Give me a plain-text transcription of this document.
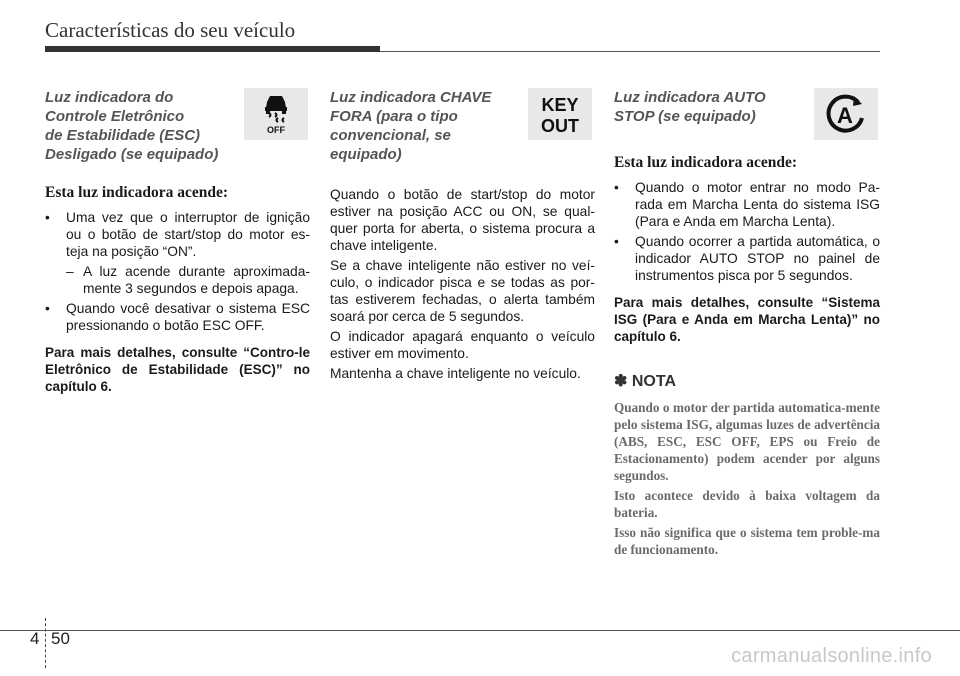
Características do seu veículo
Luz indicadora do
Controle Eletrônico
de Estabilidade (ESC)
Desligado (se equipado)
OFF
Esta luz indicadora acende:
• Uma vez que o interruptor de ignição ou o botão de start/stop do motor es-teja na posição “ON”.
– A luz acende durante aproximada-mente 3 segundos e depois apaga.
• Quando você desativar o sistema ESC pressionando o botão ESC OFF.
Para mais detalhes, consulte “Contro-le Eletrônico de Estabilidade (ESC)” no capítulo 6.
Luz indicadora CHAVE
FORA (para o tipo
convencional, se
equipado)
KEY
OUT

Quando o botão de start/stop do motor estiver na posição ACC ou ON, se qual-quer porta for aberta, o sistema procura a chave inteligente.

Se a chave inteligente não estiver no veí-culo, o indicador pisca e se todas as por-tas estiverem fechadas, o alerta também soará por cerca de 5 segundos.

O indicador apagará enquanto o veículo estiver em movimento.

Mantenha a chave inteligente no veículo.

Luz indicadora AUTO
STOP (se equipado)	A
Esta luz indicadora acende:
• Quando o motor entrar no modo Pa-rada em Marcha Lenta do sistema ISG (Para e Anda em Marcha Lenta).
• Quando ocorrer a partida automática, o indicador AUTO STOP no painel de instrumentos pisca por 5 segundos.
Para mais detalhes, consulte “Sistema ISG (Para e Anda em Marcha Lenta)” no capítulo 6.
✽ NOTA

Quando o motor der partida automatica-mente pelo sistema ISG, algumas luzes de advertência (ABS, ESC, ESC OFF, EPS ou Freio de Estacionamento) podem acender por alguns segundos.

Isto acontece devido à baixa voltagem da bateria.

Isso não significa que o sistema tem proble-ma de funcionamento.

4 50
carmanualsonline.info
